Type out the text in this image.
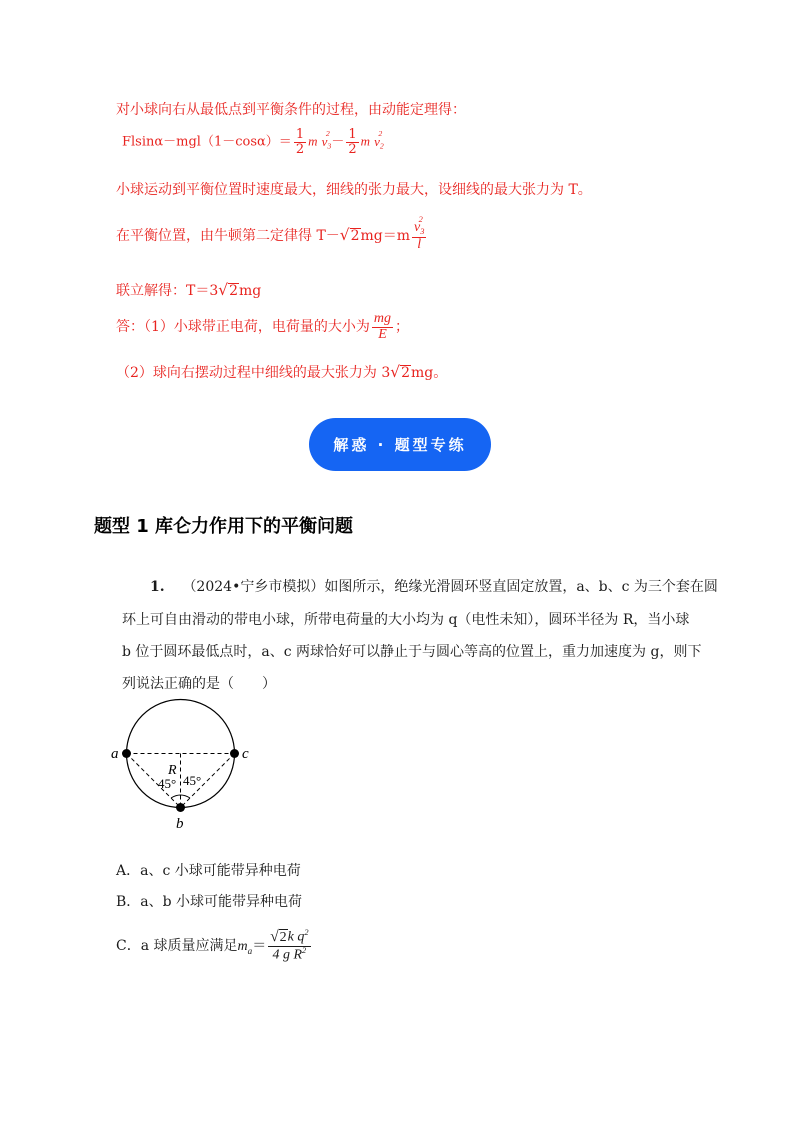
对小球向右从最低点到平衡条件的过程，由动能定理得：
$Flsin\alpha-mgl(1-\cos\alpha)= \frac{1}{2}$ m v
2
$_3- \frac{1}{2}$ m v
2
$_2$
小球运动到平衡位置时速度最大，细线的张力最大，设细线的最大张力为 T。
在平衡位置，由牛顿第二定律得 T－ √ 2 mg＝m v
2
$_3$
l
联立解得：T＝3 √ 2 mg
答：（1）小球带正电荷，电荷量的大小为 $\frac{mg}{E}$ ；
（2）球向右摆动过程中细线的最大张力为 3 √ 2 mg。
解惑 · 题型专练
题型 1 库仑力作用下的平衡问题
1. （2024•宁乡市模拟）如图所示，绝缘光滑圆环竖直固定放置，a、b、c 为三个套在圆
环上可自由滑动的带电小球，所带电荷量的大小均为 q（电性未知），圆环半径为 R，当小球
b 位于圆环最低点时，a、c 两球恰好可以静止于与圆心等高的位置上，重力加速度为 g，则下
列说法正确的是（　　）
a	c
b
R
45° 45°
A．a、c 小球可能带异种电荷
B．a、b 小球可能带异种电荷
C．a 球质量应满足$m_a= \frac{√ 2 k q^2}{4 g R^2}$
